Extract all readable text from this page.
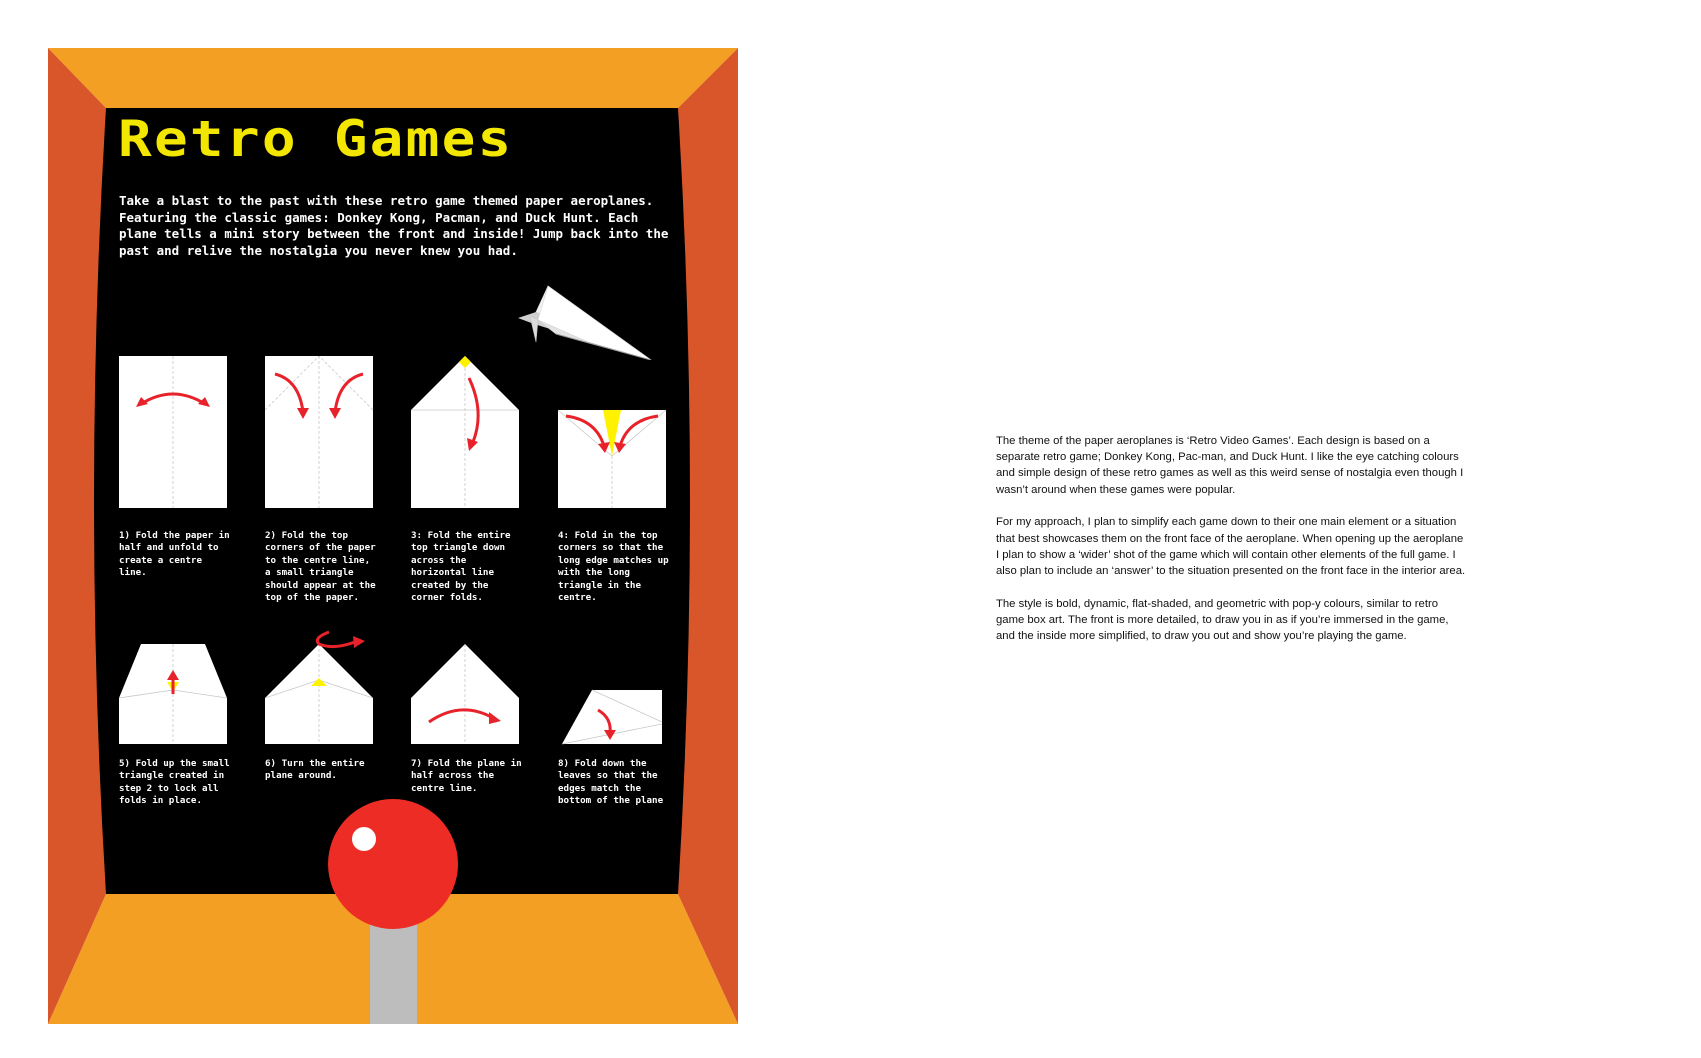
Retro Games

Take a blast to the past with these retro game themed paper aeroplanes. Featuring the classic games: Donkey Kong, Pacman, and Duck Hunt. Each plane tells a mini story between the front and inside! Jump back into the past and relive the nostalgia you never knew you had.

1) Fold the paper in half and unfold to create a centre line.

2) Fold the top corners of the paper to the centre line, a small triangle should appear at the top of the paper.

3: Fold the entire top triangle down across the horizontal line created by the corner folds.

4: Fold in the top corners so that the long edge matches up with the long triangle in the centre.

5) Fold up the small triangle created in step 2 to lock all folds in place.

6) Turn the entire plane around.

7) Fold the plane in half across the centre line.

8) Fold down the leaves so that the edges match the bottom of the plane

The theme of the paper aeroplanes is ‘Retro Video Games’. Each design is based on a separate retro game; Donkey Kong, Pac-man, and Duck Hunt. I like the eye catching colours and simple design of these retro games as well as this weird sense of nostalgia even though I wasn’t around when these games were popular.

For my approach, I plan to simplify each game down to their one main element or a situation that best showcases them on the front face of the aeroplane. When opening up the aeroplane I plan to show a ‘wider’ shot of the game which will contain other elements of the full game. I also plan to include an ‘answer’ to the situation presented on the front face in the interior area.

The style is bold, dynamic, flat-shaded, and geometric with pop-y colours, similar to retro game box art. The front is more detailed, to draw you in as if you’re immersed in the game, and the inside more simplified, to draw you out and show you’re playing the game.
